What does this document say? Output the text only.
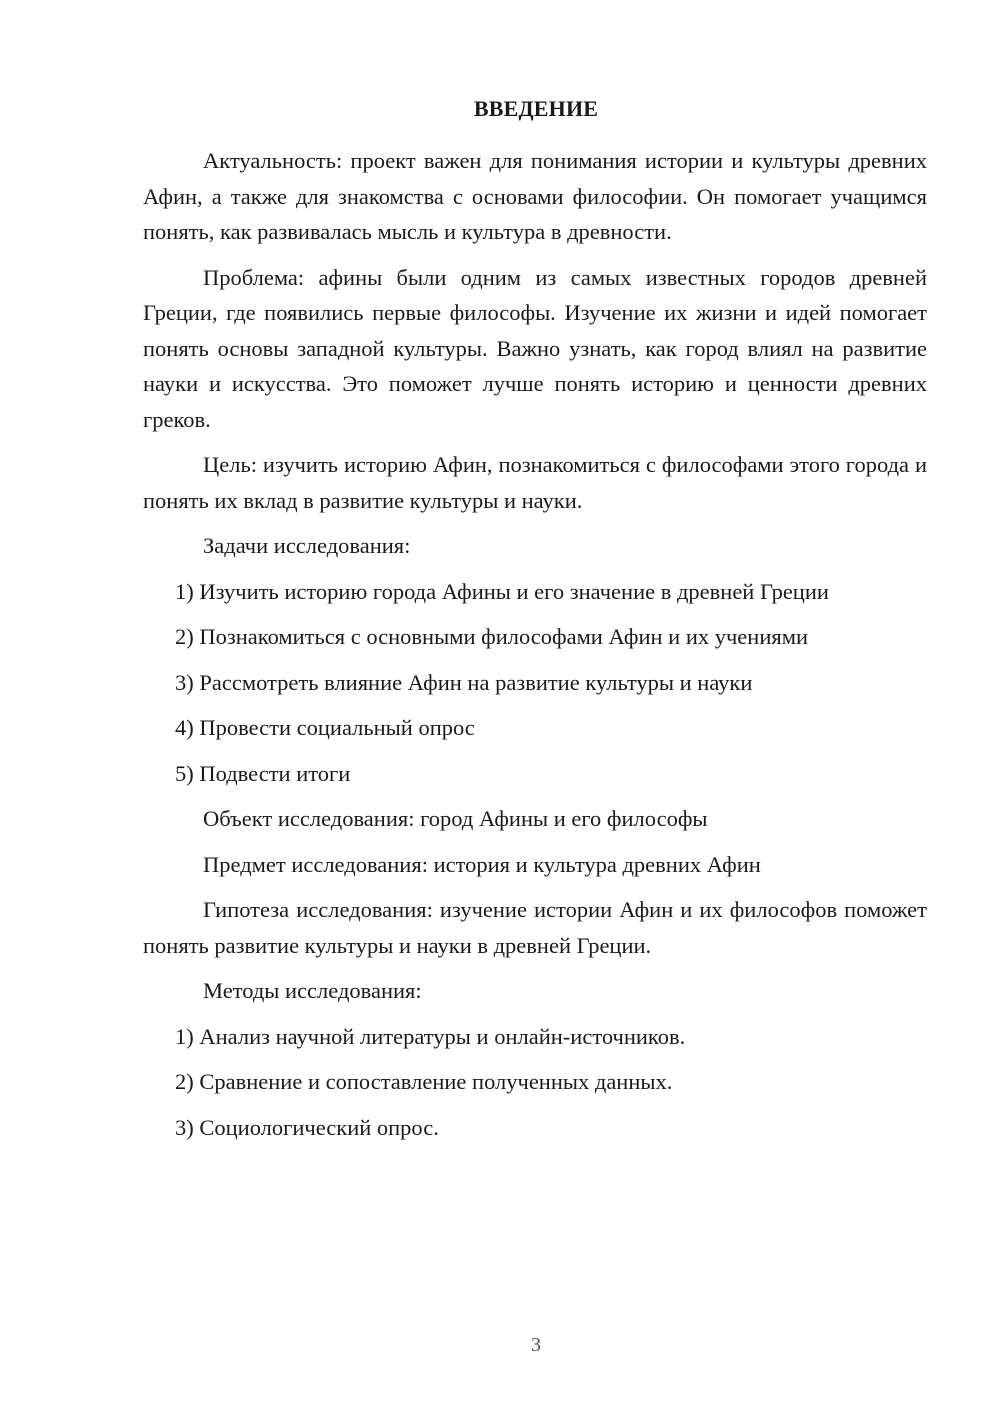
ВВЕДЕНИЕ

Актуальность: проект важен для понимания истории и культуры древних Афин, а также для знакомства с основами философии. Он помогает учащимся понять, как развивалась мысль и культура в древности.

Проблема: афины были одним из самых известных городов древней Греции, где появились первые философы. Изучение их жизни и идей помогает понять основы западной культуры. Важно узнать, как город влиял на развитие науки и искусства. Это поможет лучше понять историю и ценности древних греков.

Цель: изучить историю Афин, познакомиться с философами этого города и понять их вклад в развитие культуры и науки.

Задачи исследования:

1) Изучить историю города Афины и его значение в древней Греции
2) Познакомиться с основными философами Афин и их учениями
3) Рассмотреть влияние Афин на развитие культуры и науки
4) Провести социальный опрос
5) Подвести итоги

Объект исследования: город Афины и его философы

Предмет исследования: история и культура древних Афин

Гипотеза исследования: изучение истории Афин и их философов поможет понять развитие культуры и науки в древней Греции.

Методы исследования:

1) Анализ научной литературы и онлайн-источников.
2) Сравнение и сопоставление полученных данных.
3) Социологический опрос.
3
